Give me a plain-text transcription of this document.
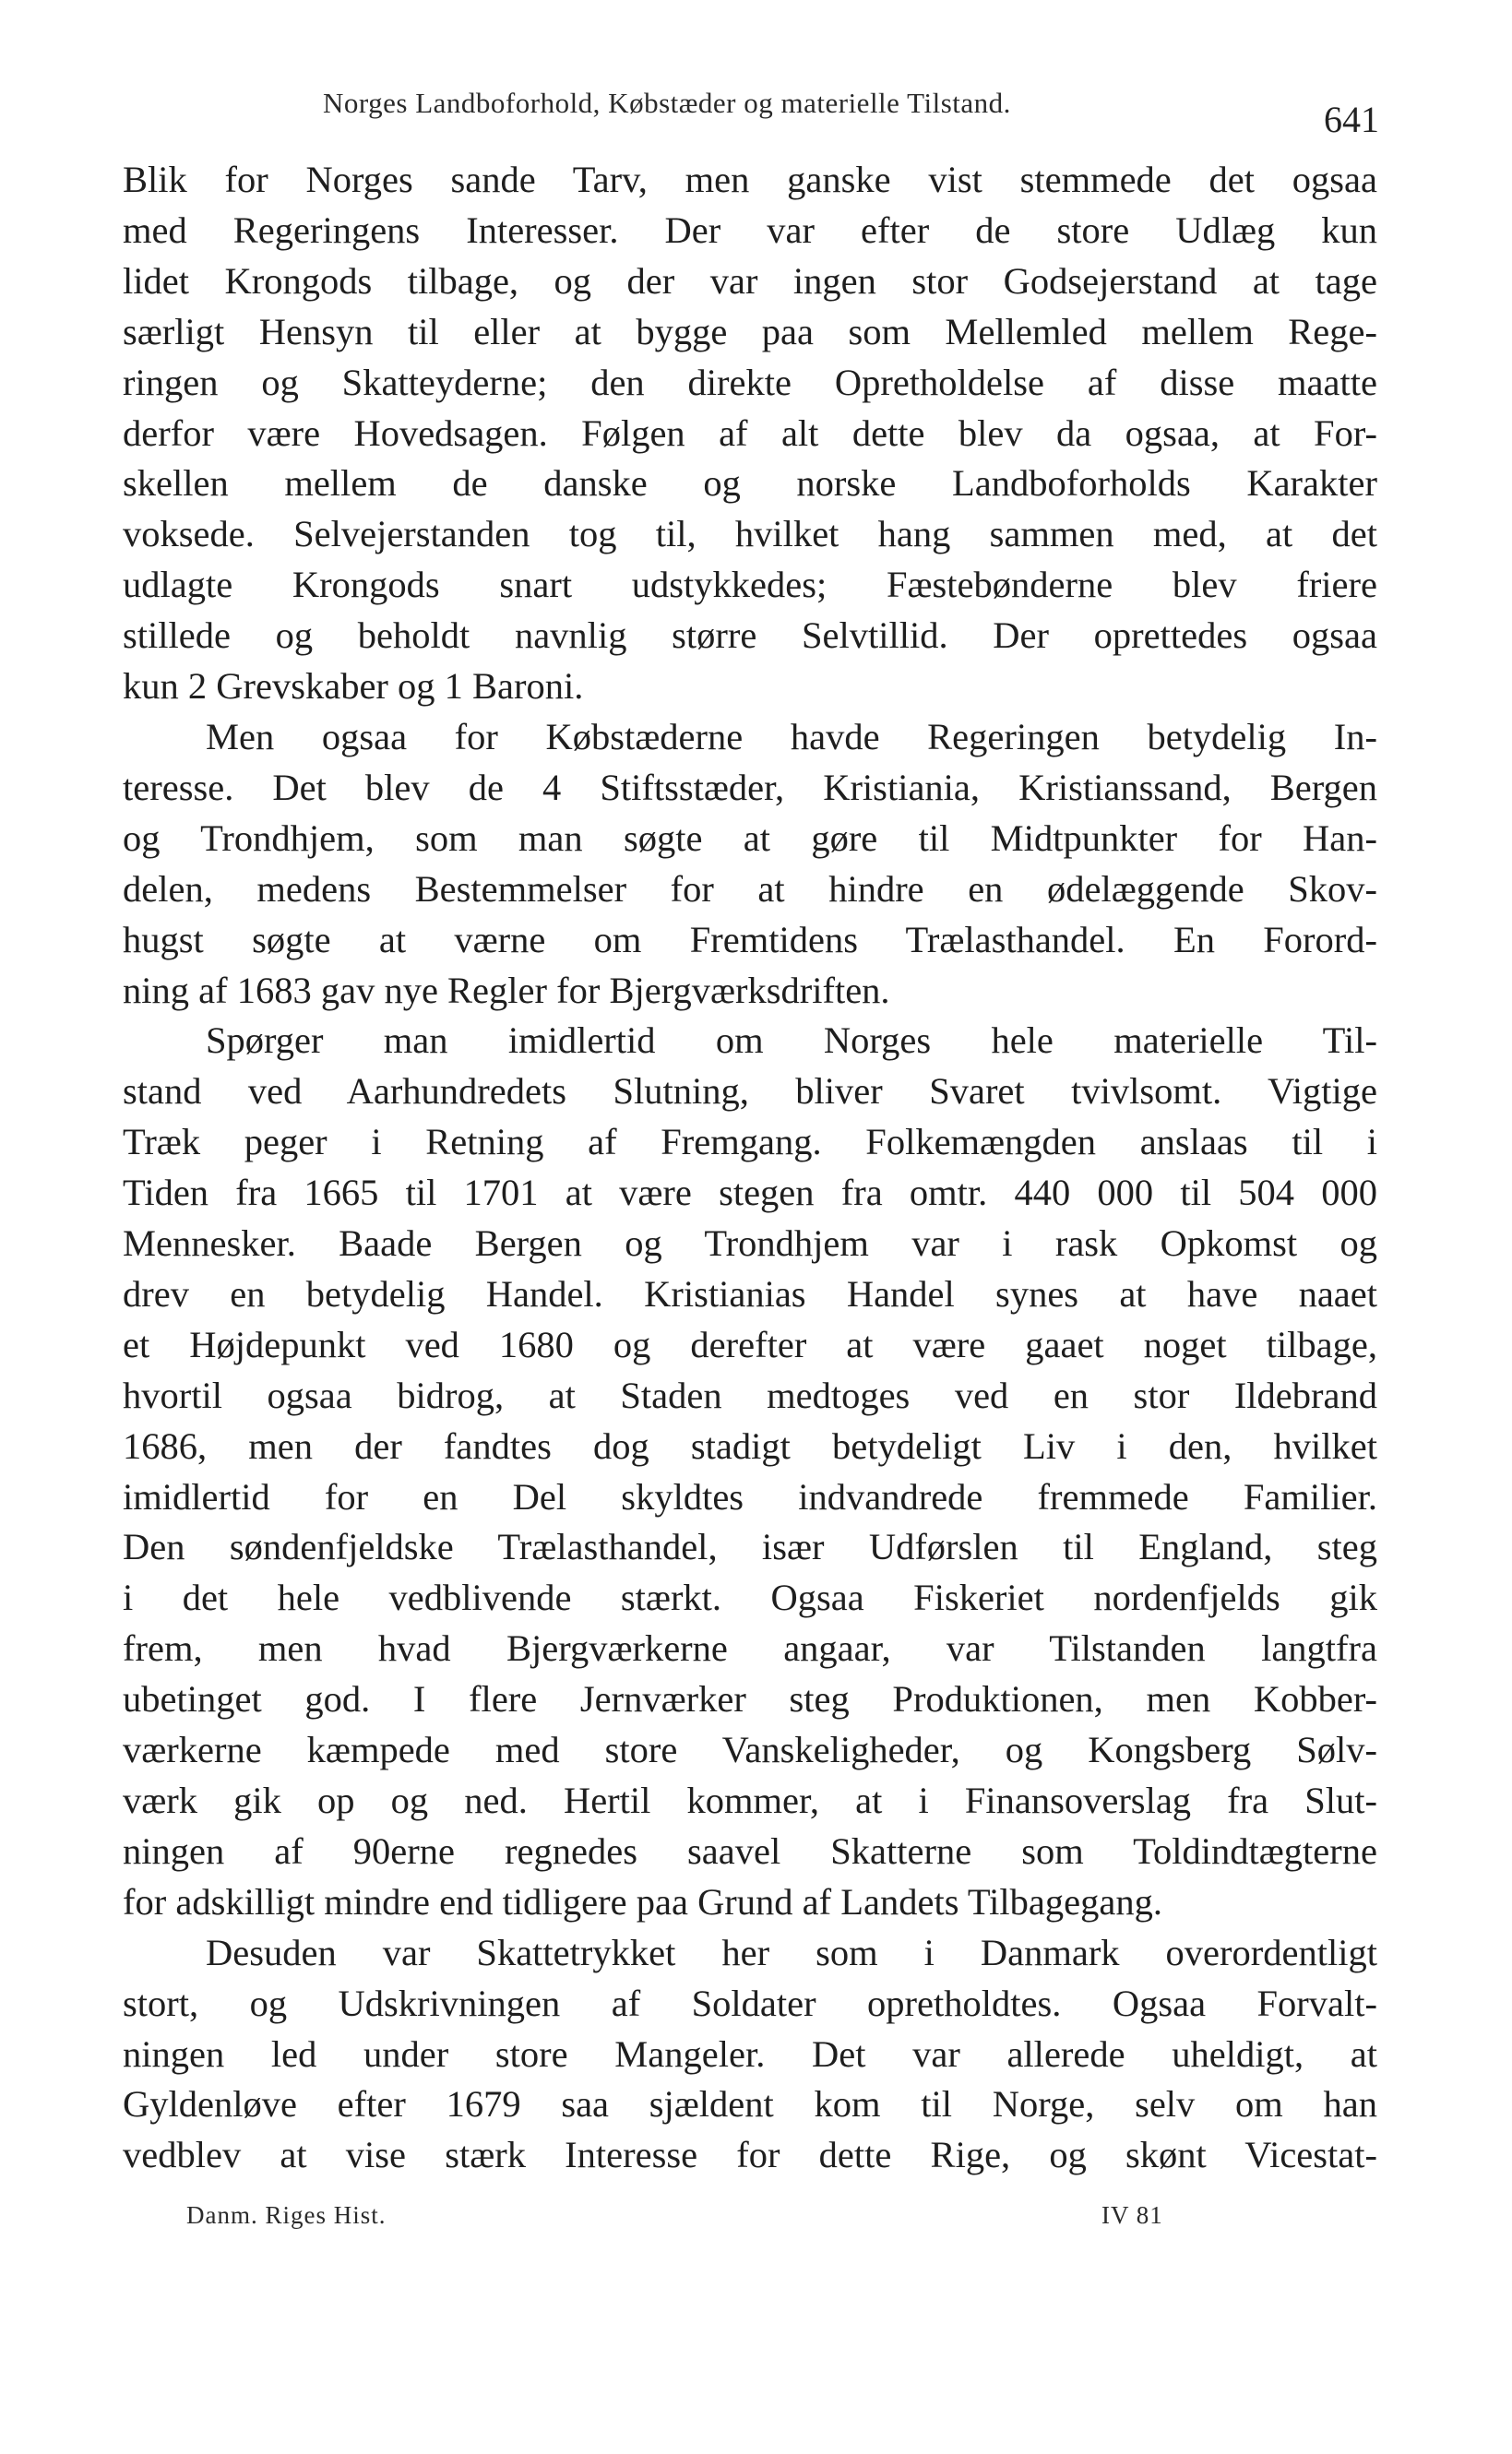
Norges Landboforhold, Købstæder og materielle Tilstand.	641
Blik for Norges sande Tarv, men ganske vist stemmede det ogsaa
med Regeringens Interesser. Der var efter de store Udlæg kun
lidet Krongods tilbage, og der var ingen stor Godsejerstand at tage
særligt Hensyn til eller at bygge paa som Mellemled mellem Rege-
ringen og Skatteyderne; den direkte Opretholdelse af disse maatte
derfor være Hovedsagen. Følgen af alt dette blev da ogsaa, at For-
skellen mellem de danske og norske Landboforholds Karakter
voksede. Selvejerstanden tog til, hvilket hang sammen med, at det
udlagte Krongods snart udstykkedes; Fæstebønderne blev friere
stillede og beholdt navnlig større Selvtillid. Der oprettedes ogsaa
kun 2 Grevskaber og 1 Baroni.
Men ogsaa for Købstæderne havde Regeringen betydelig In-
teresse. Det blev de 4 Stiftsstæder, Kristiania, Kristianssand, Bergen
og Trondhjem, som man søgte at gøre til Midtpunkter for Han-
delen, medens Bestemmelser for at hindre en ødelæggende Skov-
hugst søgte at værne om Fremtidens Trælasthandel. En Forord-
ning af 1683 gav nye Regler for Bjergværksdriften.
Spørger man imidlertid om Norges hele materielle Til-
stand ved Aarhundredets Slutning, bliver Svaret tvivlsomt. Vigtige
Træk peger i Retning af Fremgang. Folkemængden anslaas til i
Tiden fra 1665 til 1701 at være stegen fra omtr. 440 000 til 504 000
Mennesker. Baade Bergen og Trondhjem var i rask Opkomst og
drev en betydelig Handel. Kristianias Handel synes at have naaet
et Højdepunkt ved 1680 og derefter at være gaaet noget tilbage,
hvortil ogsaa bidrog, at Staden medtoges ved en stor Ildebrand
1686, men der fandtes dog stadigt betydeligt Liv i den, hvilket
imidlertid for en Del skyldtes indvandrede fremmede Familier.
Den søndenfjeldske Trælasthandel, især Udførslen til England, steg
i det hele vedblivende stærkt. Ogsaa Fiskeriet nordenfjelds gik
frem, men hvad Bjergværkerne angaar, var Tilstanden langtfra
ubetinget god. I flere Jernværker steg Produktionen, men Kobber-
værkerne kæmpede med store Vanskeligheder, og Kongsberg Sølv-
værk gik op og ned. Hertil kommer, at i Finansoverslag fra Slut-
ningen af 90erne regnedes saavel Skatterne som Toldindtægterne
for adskilligt mindre end tidligere paa Grund af Landets Tilbagegang.
Desuden var Skattetrykket her som i Danmark overordentligt
stort, og Udskrivningen af Soldater opretholdtes. Ogsaa Forvalt-
ningen led under store Mangeler. Det var allerede uheldigt, at
Gyldenløve efter 1679 saa sjældent kom til Norge, selv om han
vedblev at vise stærk Interesse for dette Rige, og skønt Vicestat-
Danm. Riges Hist.	IV 81
